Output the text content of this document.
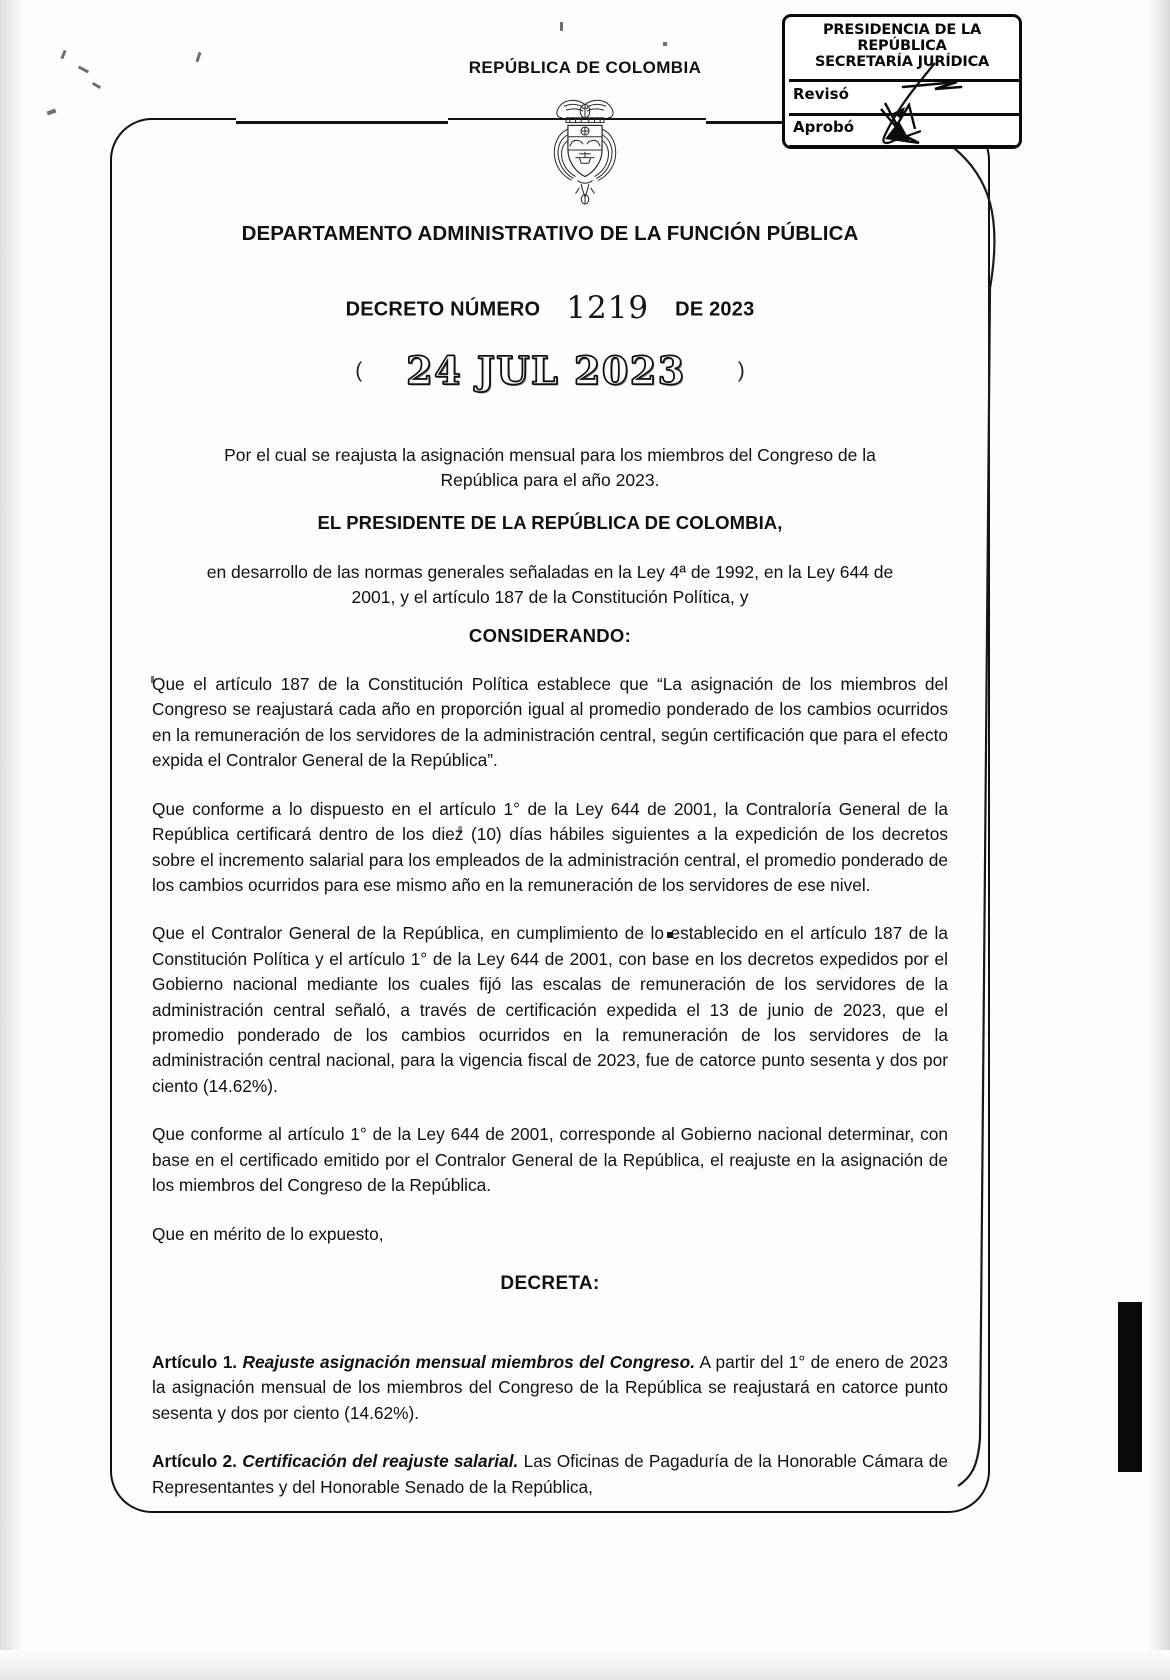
PRESIDENCIA DE LA REPÚBLICA
SECRETARÍA JURÍDICA
Revisó
Aprobó
REPÚBLICA DE COLOMBIA
DEPARTAMENTO ADMINISTRATIVO DE LA FUNCIÓN PÚBLICA
DECRETO NÚMERO 1219 DE 2023
( 24 JUL 2023 )
Por el cual se reajusta la asignación mensual para los miembros del Congreso de la República para el año 2023.
EL PRESIDENTE DE LA REPÚBLICA DE COLOMBIA,
en desarrollo de las normas generales señaladas en la Ley 4ª de 1992, en la Ley 644 de 2001, y el artículo 187 de la Constitución Política, y
CONSIDERANDO:

Que el artículo 187 de la Constitución Política establece que “La asignación de los miembros del Congreso se reajustará cada año en proporción igual al promedio ponderado de los cambios ocurridos en la remuneración de los servidores de la administración central, según certificación que para el efecto expida el Contralor General de la República”.

Que conforme a lo dispuesto en el artículo 1° de la Ley 644 de 2001, la Contraloría General de la República certificará dentro de los diez (10) días hábiles siguientes a la expedición de los decretos sobre el incremento salarial para los empleados de la administración central, el promedio ponderado de los cambios ocurridos para ese mismo año en la remuneración de los servidores de ese nivel.

Que el Contralor General de la República, en cumplimiento de lo establecido en el artículo 187 de la Constitución Política y el artículo 1° de la Ley 644 de 2001, con base en los decretos expedidos por el Gobierno nacional mediante los cuales fijó las escalas de remuneración de los servidores de la administración central señaló, a través de certificación expedida el 13 de junio de 2023, que el promedio ponderado de los cambios ocurridos en la remuneración de los servidores de la administración central nacional, para la vigencia fiscal de 2023, fue de catorce punto sesenta y dos por ciento (14.62%).

Que conforme al artículo 1° de la Ley 644 de 2001, corresponde al Gobierno nacional determinar, con base en el certificado emitido por el Contralor General de la República, el reajuste en la asignación de los miembros del Congreso de la República.

Que en mérito de lo expuesto,

DECRETA:

Artículo 1. Reajuste asignación mensual miembros del Congreso. A partir del 1° de enero de 2023 la asignación mensual de los miembros del Congreso de la República se reajustará en catorce punto sesenta y dos por ciento (14.62%).

Artículo 2. Certificación del reajuste salarial. Las Oficinas de Pagaduría de la Honorable Cámara de Representantes y del Honorable Senado de la República,
